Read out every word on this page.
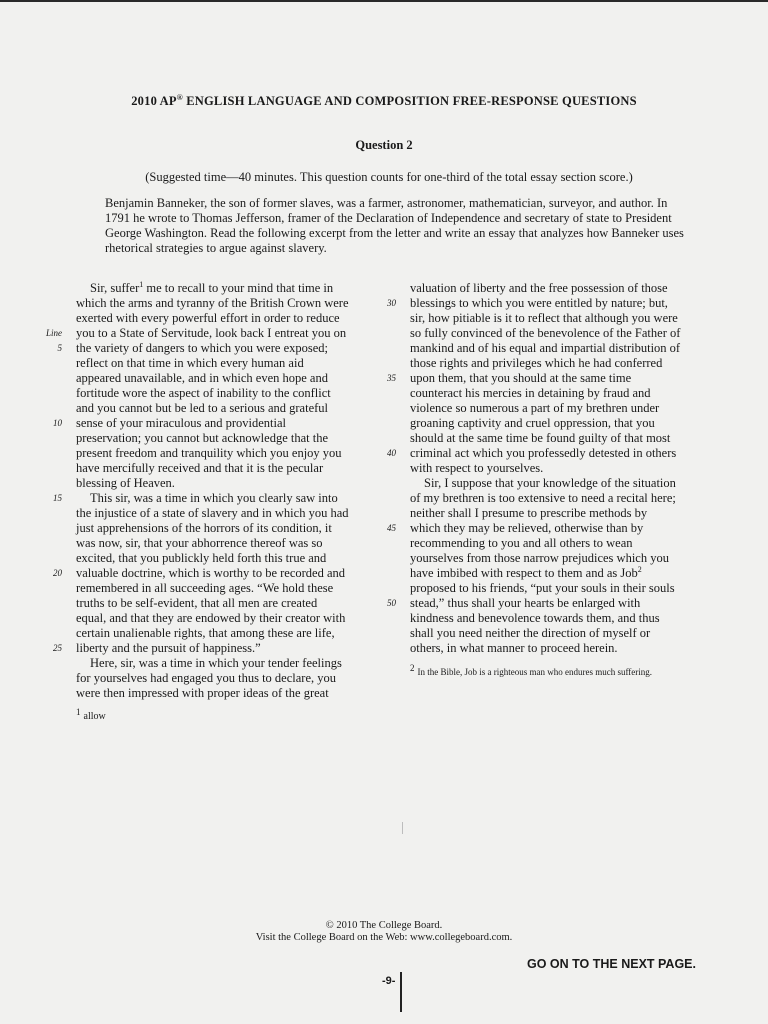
2010 AP® ENGLISH LANGUAGE AND COMPOSITION FREE-RESPONSE QUESTIONS
Question 2
(Suggested time—40 minutes. This question counts for one-third of the total essay section score.)

Benjamin Banneker, the son of former slaves, was a farmer, astronomer, mathematician, surveyor, and author. In
1791 he wrote to Thomas Jefferson, framer of the Declaration of Independence and secretary of state to President
George Washington. Read the following excerpt from the letter and write an essay that analyzes how Banneker uses
rhetorical strategies to argue against slavery.

Sir, suffer$^1$ me to recall to your mind that time in
which the arms and tyranny of the British Crown were
exerted with every powerful effort in order to reduce
you to a State of Servitude, look back I entreat you on
Line
the variety of dangers to which you were exposed;
5
reflect on that time in which every human aid
appeared unavailable, and in which even hope and
fortitude wore the aspect of inability to the conflict
and you cannot but be led to a serious and grateful
sense of your miraculous and providential
10
preservation; you cannot but acknowledge that the
present freedom and tranquility which you enjoy you
have mercifully received and that it is the pecular
blessing of Heaven.
This sir, was a time in which you clearly saw into
15
the injustice of a state of slavery and in which you had
just apprehensions of the horrors of its condition, it
was now, sir, that your abhorrence thereof was so
excited, that you publickly held forth this true and
valuable doctrine, which is worthy to be recorded and
20
remembered in all succeeding ages. “We hold these
truths to be self-evident, that all men are created
equal, and that they are endowed by their creator with
certain unalienable rights, that among these are life,
liberty and the pursuit of happiness.”
25
Here, sir, was a time in which your tender feelings
for yourselves had engaged you thus to declare, you
were then impressed with proper ideas of the great
valuation of liberty and the free possession of those
blessings to which you were entitled by nature; but,
30
sir, how pitiable is it to reflect that although you were
so fully convinced of the benevolence of the Father of
mankind and of his equal and impartial distribution of
those rights and privileges which he had conferred
upon them, that you should at the same time
35
counteract his mercies in detaining by fraud and
violence so numerous a part of my brethren under
groaning captivity and cruel oppression, that you
should at the same time be found guilty of that most
criminal act which you professedly detested in others
40
with respect to yourselves.
Sir, I suppose that your knowledge of the situation
of my brethren is too extensive to need a recital here;
neither shall I presume to prescribe methods by
which they may be relieved, otherwise than by
45
recommending to you and all others to wean
yourselves from those narrow prejudices which you
have imbibed with respect to them and as Job$^2$
proposed to his friends, “put your souls in their souls
stead,” thus shall your hearts be enlarged with
50
kindness and benevolence towards them, and thus
shall you need neither the direction of myself or
others, in what manner to proceed herein.
$^2$ In the Bible, Job is a righteous man who endures much suffering.
$^1$ allow
© 2010 The College Board.
Visit the College Board on the Web: www.collegeboard.com.
GO ON TO THE NEXT PAGE.
-9-
